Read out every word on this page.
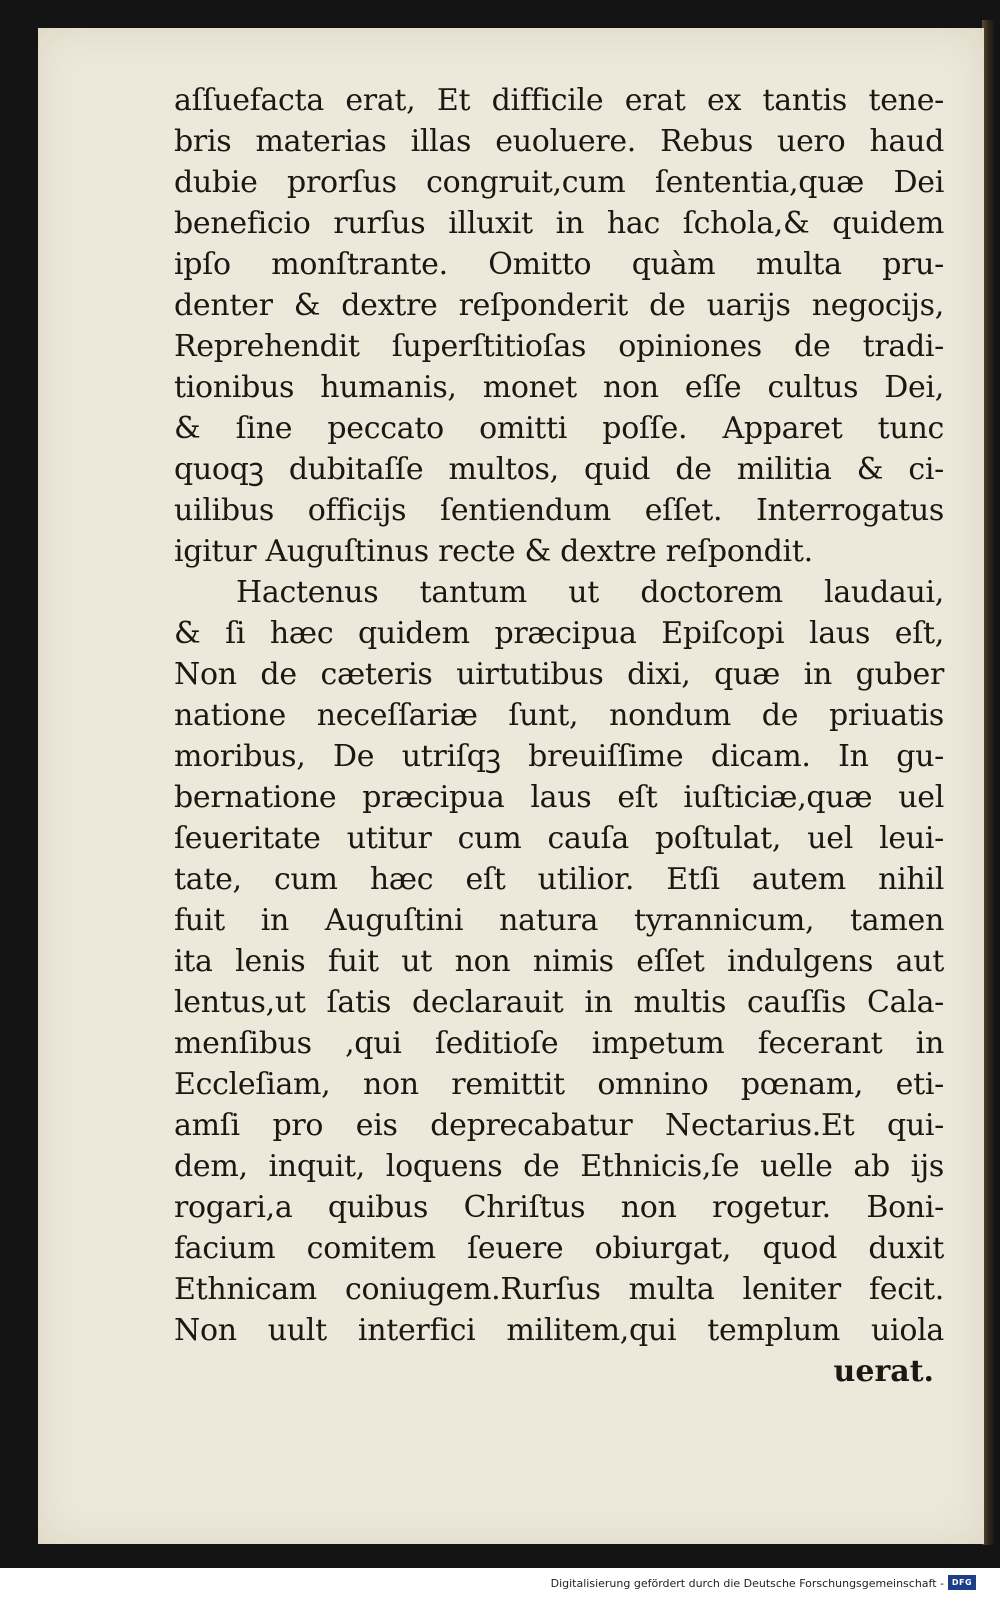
aſſuefacta erat, Et difficile erat ex tantis tene‐
bris materias illas euoluere. Rebus uero haud
dubie prorſus congruit,cum ſententia,quæ Dei
beneficio rurſus illuxit in hac ſchola,& quidem
ipſo monſtrante. Omitto quàm multa pru‐
denter & dextre reſponderit de uarijs negocijs,
Reprehendit ſuperſtitioſas opiniones de tradi‐
tionibus humanis, monet non eſſe cultus Dei,
& ſine peccato omitti poſſe. Apparet tunc
quoqꝫ dubitaſſe multos, quid de militia & ci‐
uilibus officijs ſentiendum eſſet. Interrogatus
igitur Auguſtinus recte & dextre reſpondit.
Hactenus tantum ut doctorem laudaui,
& ſi hæc quidem præcipua Epiſcopi laus eſt,
Non de cæteris uirtutibus dixi, quæ in guber
natione neceſſariæ ſunt, nondum de priuatis
moribus, De utriſqꝫ breuiſſime dicam. In gu‐
bernatione præcipua laus eſt iuſticiæ,quæ uel
ſeueritate utitur cum cauſa poſtulat, uel leui‐
tate, cum hæc eſt utilior. Etſi autem nihil
fuit in Auguſtini natura tyrannicum, tamen
ita lenis fuit ut non nimis eſſet indulgens aut
lentus,ut ſatis declarauit in multis cauſſis Cala‐
menſibus ,qui ſeditioſe impetum fecerant in
Eccleſiam, non remittit omnino pœnam, eti‐
amſi pro eis deprecabatur Nectarius.Et qui‐
dem, inquit, loquens de Ethnicis,ſe uelle ab ijs
rogari,a quibus Chriſtus non rogetur. Boni‐
facium comitem ſeuere obiurgat, quod duxit
Ethnicam coniugem.Rurſus multa leniter fecit.
Non uult interfici militem,qui templum uiola
uerat.
Digitalisierung gefördert durch die Deutsche Forschungsgemeinschaft - DFG
